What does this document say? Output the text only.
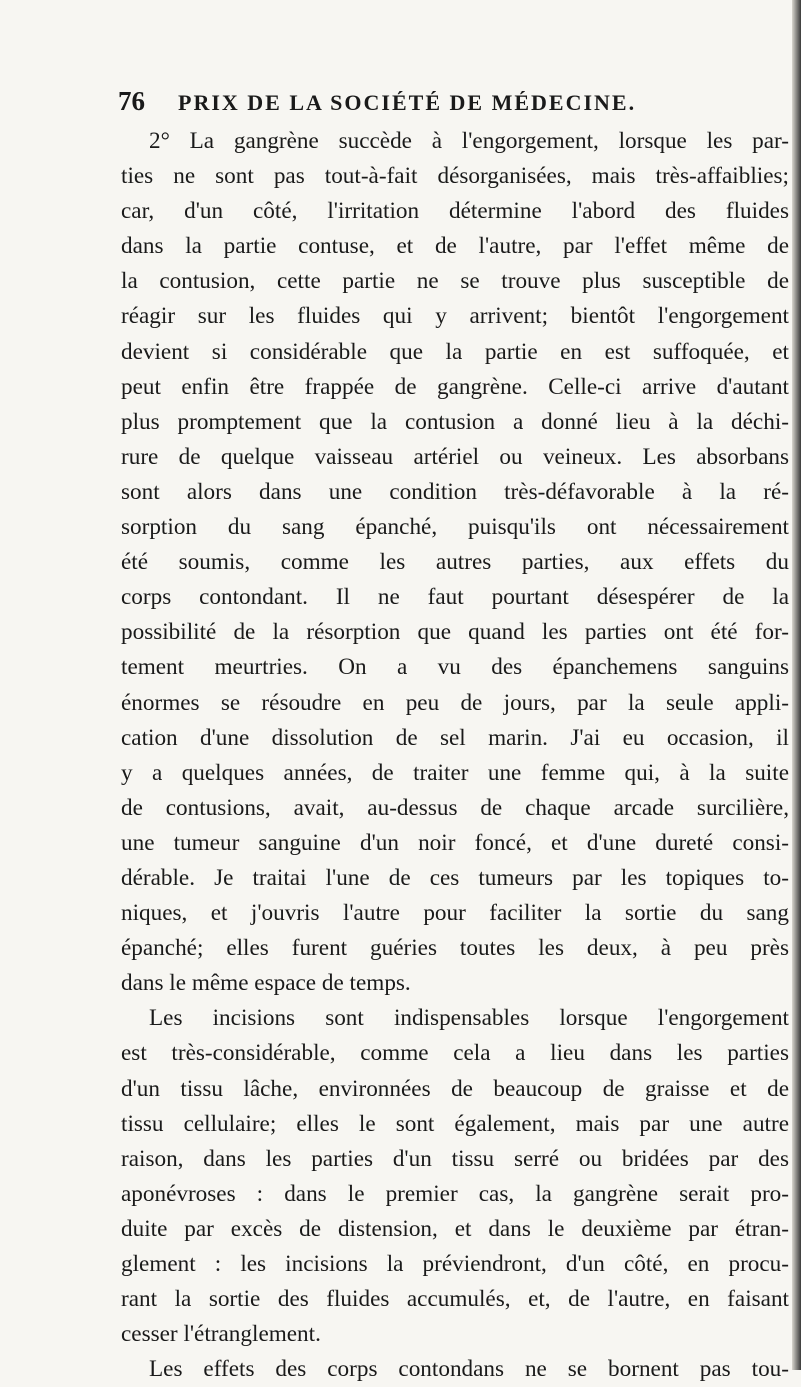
76	PRIX DE LA SOCIÉTÉ DE MÉDECINE.
2° La gangrène succède à l'engorgement, lorsque les par-
ties ne sont pas tout-à-fait désorganisées, mais très-affaiblies;
car, d'un côté, l'irritation détermine l'abord des fluides
dans la partie contuse, et de l'autre, par l'effet même de
la contusion, cette partie ne se trouve plus susceptible de
réagir sur les fluides qui y arrivent; bientôt l'engorgement
devient si considérable que la partie en est suffoquée, et
peut enfin être frappée de gangrène. Celle-ci arrive d'autant
plus promptement que la contusion a donné lieu à la déchi-
rure de quelque vaisseau artériel ou veineux. Les absorbans
sont alors dans une condition très-défavorable à la ré-
sorption du sang épanché, puisqu'ils ont nécessairement
été soumis, comme les autres parties, aux effets du
corps contondant. Il ne faut pourtant désespérer de la
possibilité de la résorption que quand les parties ont été for-
tement meurtries. On a vu des épanchemens sanguins
énormes se résoudre en peu de jours, par la seule appli-
cation d'une dissolution de sel marin. J'ai eu occasion, il
y a quelques années, de traiter une femme qui, à la suite
de contusions, avait, au-dessus de chaque arcade surcilière,
une tumeur sanguine d'un noir foncé, et d'une dureté consi-
dérable. Je traitai l'une de ces tumeurs par les topiques to-
niques, et j'ouvris l'autre pour faciliter la sortie du sang
épanché; elles furent guéries toutes les deux, à peu près
dans le même espace de temps.
Les incisions sont indispensables lorsque l'engorgement
est très-considérable, comme cela a lieu dans les parties
d'un tissu lâche, environnées de beaucoup de graisse et de
tissu cellulaire; elles le sont également, mais par une autre
raison, dans les parties d'un tissu serré ou bridées par des
aponévroses : dans le premier cas, la gangrène serait pro-
duite par excès de distension, et dans le deuxième par étran-
glement : les incisions la préviendront, d'un côté, en procu-
rant la sortie des fluides accumulés, et, de l'autre, en faisant
cesser l'étranglement.
Les effets des corps contondans ne se bornent pas tou-
